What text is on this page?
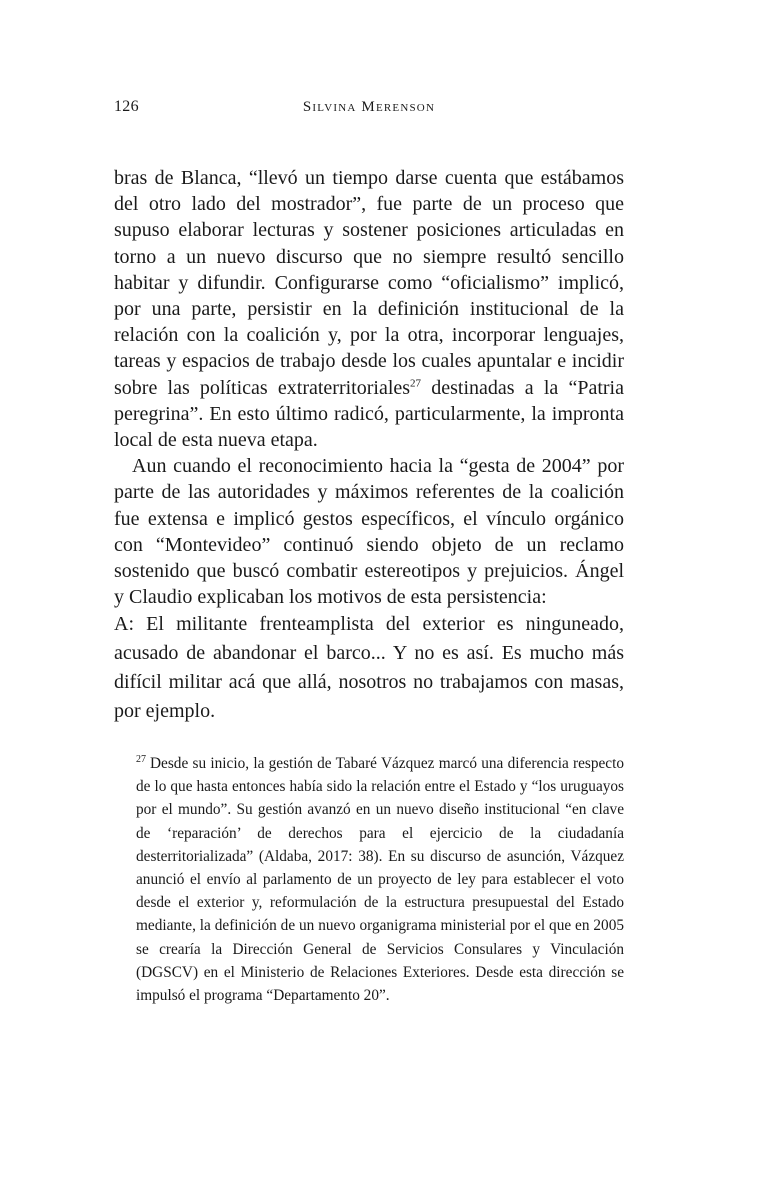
126	Silvina Merenson

bras de Blanca, “llevó un tiempo darse cuenta que estábamos del otro lado del mostrador”, fue parte de un proceso que supuso elaborar lecturas y sostener posiciones articuladas en torno a un nuevo discurso que no siempre resultó sencillo habitar y difundir. Configurarse como “oficialismo” implicó, por una parte, persistir en la definición institucional de la relación con la coalición y, por la otra, incorporar lenguajes, tareas y espacios de trabajo desde los cuales apuntalar e incidir sobre las políticas extraterritoriales$^{27}$ destinadas a la “Patria peregrina”. En esto último radicó, particularmente, la impronta local de esta nueva etapa.

Aun cuando el reconocimiento hacia la “gesta de 2004” por parte de las autoridades y máximos referentes de la coalición fue extensa e implicó gestos específicos, el vínculo orgánico con “Montevideo” continuó siendo objeto de un reclamo sostenido que buscó combatir estereotipos y prejuicios. Ángel y Claudio explicaban los motivos de esta persistencia:

A: El militante frenteamplista del exterior es ninguneado, acusado de abandonar el barco... Y no es así. Es mucho más difícil militar acá que allá, nosotros no trabajamos con masas, por ejemplo.

$^{27}$ Desde su inicio, la gestión de Tabaré Vázquez marcó una diferencia respecto de lo que hasta entonces había sido la relación entre el Estado y “los uruguayos por el mundo”. Su gestión avanzó en un nuevo diseño institucional “en clave de ‘reparación’ de derechos para el ejercicio de la ciudadanía desterritorializada” (Aldaba, 2017: 38). En su discurso de asunción, Vázquez anunció el envío al parlamento de un proyecto de ley para establecer el voto desde el exterior y, reformulación de la estructura presupuestal del Estado mediante, la definición de un nuevo organigrama ministerial por el que en 2005 se crearía la Dirección General de Servicios Consulares y Vinculación (DGSCV) en el Ministerio de Relaciones Exteriores. Desde esta dirección se impulsó el programa “Departamento 20”.
